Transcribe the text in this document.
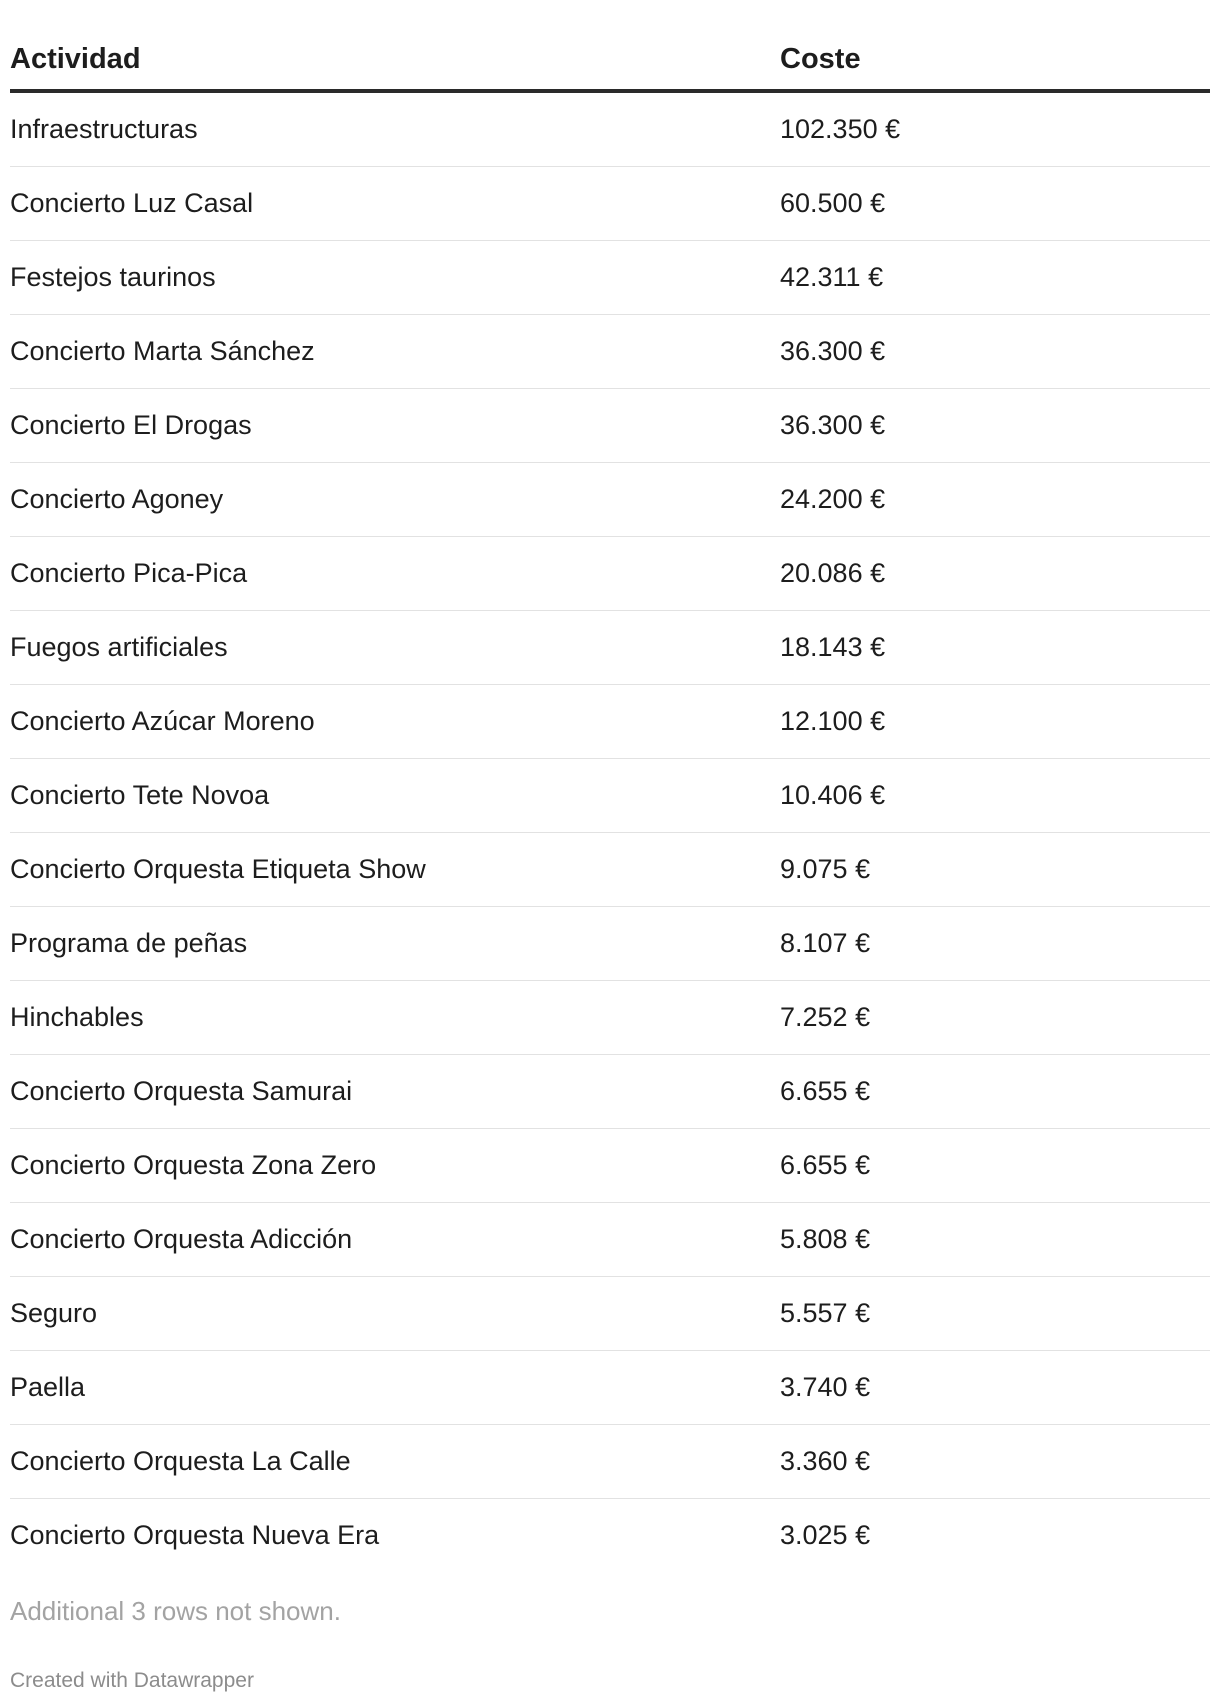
Actividad	Coste
Infraestructuras	102.350 €
Concierto Luz Casal	60.500 €
Festejos taurinos	42.311 €
Concierto Marta Sánchez	36.300 €
Concierto El Drogas	36.300 €
Concierto Agoney	24.200 €
Concierto Pica-Pica	20.086 €
Fuegos artificiales	18.143 €
Concierto Azúcar Moreno	12.100 €
Concierto Tete Novoa	10.406 €
Concierto Orquesta Etiqueta Show	9.075 €
Programa de peñas	8.107 €
Hinchables	7.252 €
Concierto Orquesta Samurai	6.655 €
Concierto Orquesta Zona Zero	6.655 €
Concierto Orquesta Adicción	5.808 €
Seguro	5.557 €
Paella	3.740 €
Concierto Orquesta La Calle	3.360 €
Concierto Orquesta Nueva Era	3.025 €
Additional 3 rows not shown.
Created with Datawrapper
